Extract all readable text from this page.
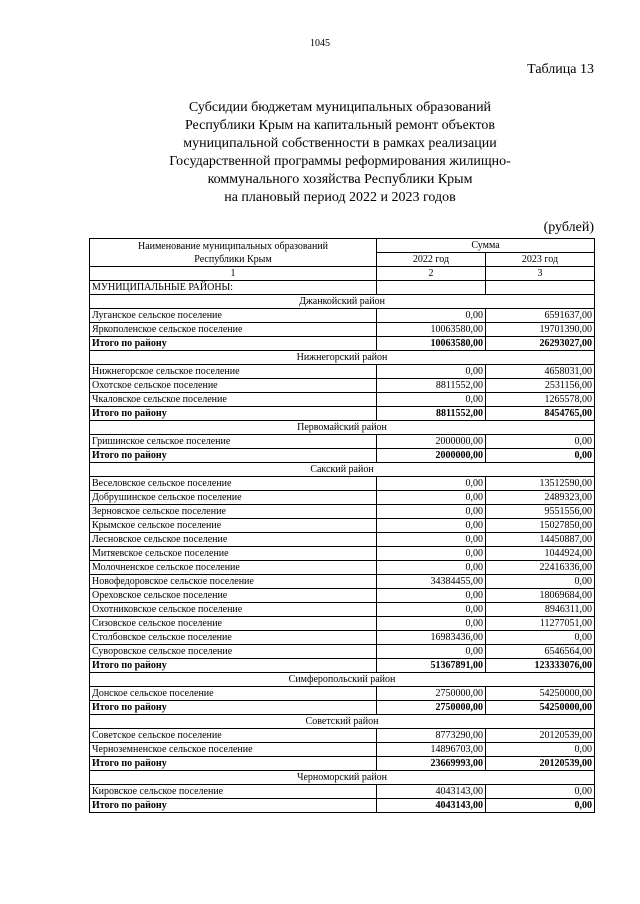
1045
Таблица 13
Субсидии бюджетам муниципальных образований
Республики Крым на капитальный ремонт объектов
муниципальной собственности в рамках реализации
Государственной программы реформирования жилищно-
коммунального хозяйства Республики Крым
на плановый период 2022 и 2023 годов
(рублей)
Наименование муниципальных образований
Республики Крым	Сумма	
	2022 год	2023 год
1	2	3
МУНИЦИПАЛЬНЫЕ РАЙОНЫ:		
Джанкойский район		
Луганское сельское поселение	0,00	6591637,00
Яркополенское сельское поселение	10063580,00	19701390,00
Итого по району	10063580,00	26293027,00
Нижнегорский район		
Нижнегорское сельское поселение	0,00	4658031,00
Охотское сельское поселение	8811552,00	2531156,00
Чкаловское сельское поселение	0,00	1265578,00
Итого по району	8811552,00	8454765,00
Первомайский район		
Гришинское сельское поселение	2000000,00	0,00
Итого по району	2000000,00	0,00
Сакский район		
Веселовское сельское поселение	0,00	13512590,00
Добрушинское сельское поселение	0,00	2489323,00
Зерновское сельское поселение	0,00	9551556,00
Крымское сельское поселение	0,00	15027850,00
Лесновское сельское поселение	0,00	14450887,00
Митяевское сельское поселение	0,00	1044924,00
Молочненское сельское поселение	0,00	22416336,00
Новофедоровское сельское поселение	34384455,00	0,00
Ореховское сельское поселение	0,00	18069684,00
Охотниковское сельское поселение	0,00	8946311,00
Сизовское сельское поселение	0,00	11277051,00
Столбовское сельское поселение	16983436,00	0,00
Суворовское сельское поселение	0,00	6546564,00
Итого по району	51367891,00	123333076,00
Симферопольский район		
Донское сельское поселение	2750000,00	54250000,00
Итого по району	2750000,00	54250000,00
Советский район		
Советское сельское поселение	8773290,00	20120539,00
Черноземненское сельское поселение	14896703,00	0,00
Итого по району	23669993,00	20120539,00
Черноморский район		
Кировское сельское поселение	4043143,00	0,00
Итого по району	4043143,00	0,00
